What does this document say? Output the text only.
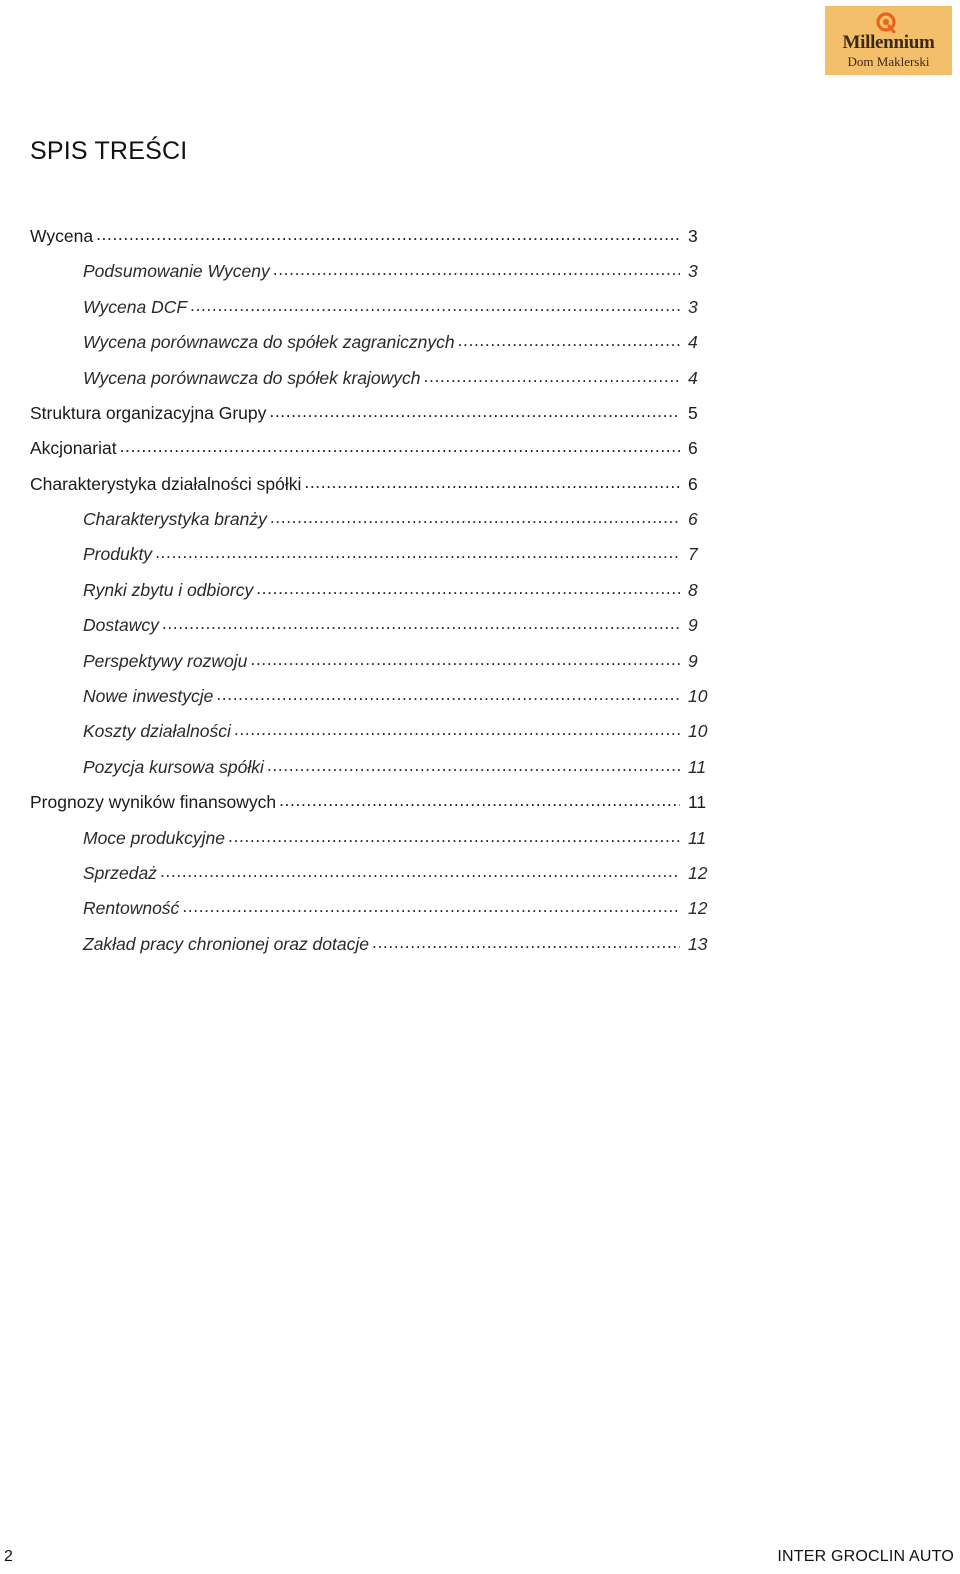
Millennium
Dom Maklerski
SPIS TREŚCI
Wycena .....	3
Podsumowanie Wyceny .....	3
Wycena DCF .....	3
Wycena porównawcza do spółek zagranicznych .....	4
Wycena porównawcza do spółek krajowych .....	4
Struktura organizacyjna Grupy .....	5
Akcjonariat .....	6
Charakterystyka działalności spółki .....	6
Charakterystyka branży .....	6
Produkty .....	7
Rynki zbytu i odbiorcy .....	8
Dostawcy .....	9
Perspektywy rozwoju .....	9
Nowe inwestycje .....	10
Koszty działalności .....	10
Pozycja kursowa spółki .....	11
Prognozy wyników finansowych .....	11
Moce produkcyjne .....	11
Sprzedaż .....	12
Rentowność .....	12
Zakład pracy chronionej oraz dotacje .....	13
2	INTER GROCLIN AUTO
